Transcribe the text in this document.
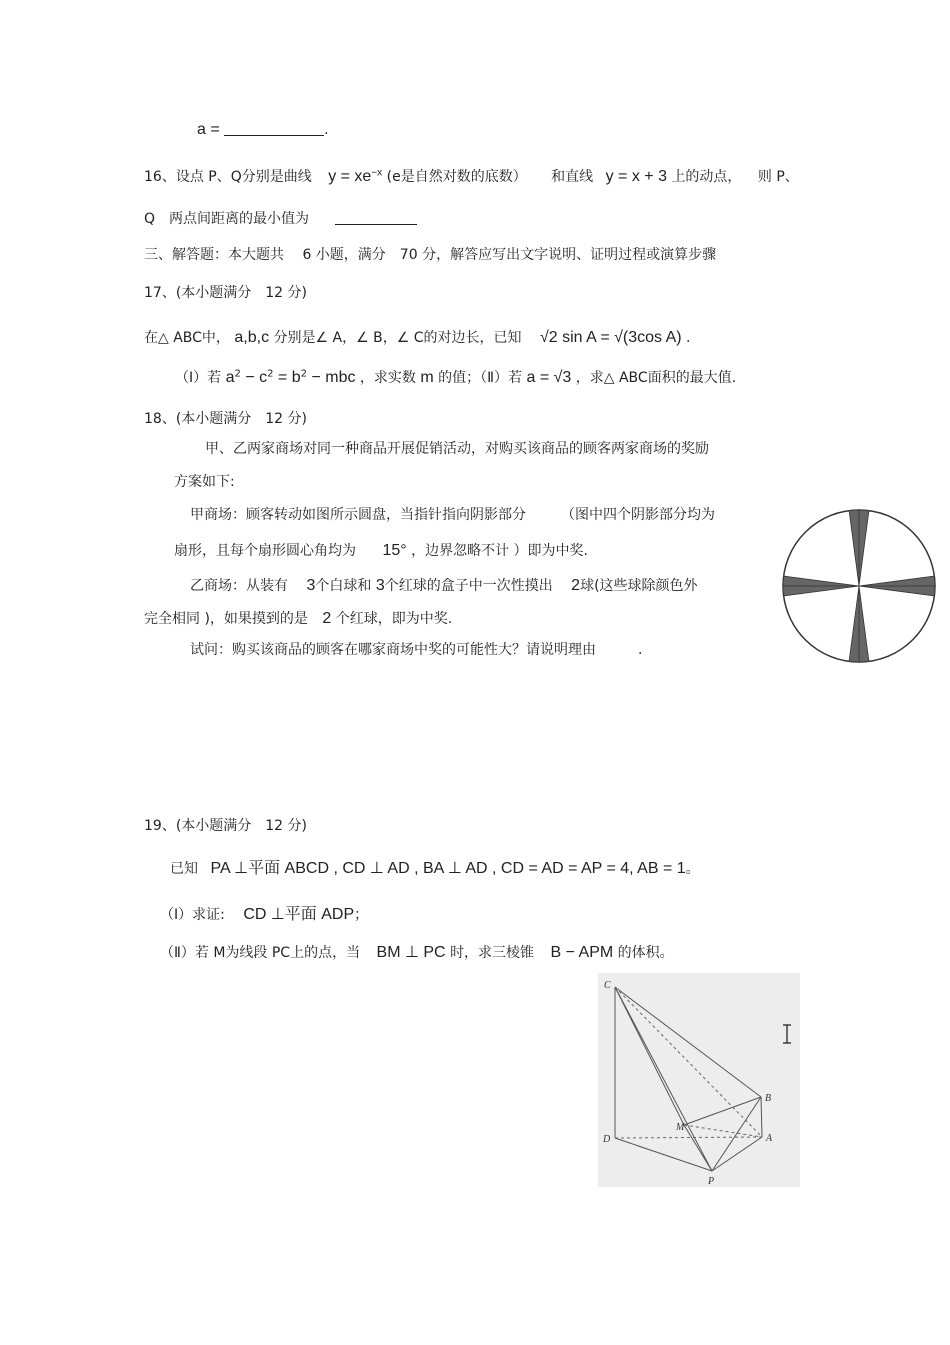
a =	.
16、设点 P、Q分别是曲线 $y = xe^{-x}$ (e是自然对数的底数） 和直线 y = x + 3 上的动点， 则 P、
Q　两点间距离的最小值为
三、解答题：本大题共　 6 小题，满分　70 分，解答应写出文字说明、证明过程或演算步骤
17、(本小题满分　12 分)
在△ ABC中， a,b,c 分别是∠ A，∠ B，∠ C的对边长，已知 √2 sin A = √(3cos A) .
（Ⅰ）若 $a^2 - c^2 = b^2$ − mbc ，求实数 m 的值；（Ⅱ）若 a = √3 ，求△ ABC面积的最大值.
18、(本小题满分　12 分)
甲、乙两家商场对同一种商品开展促销活动，对购买该商品的顾客两家商场的奖励
方案如下:
甲商场：顾客转动如图所示圆盘，当指针指向阴影部分　　　（图中四个阴影部分均为
扇形，且每个扇形圆心角均为 15° ，边界忽略不计 ）即为中奖.
乙商场：从装有 3个白球和 3个红球的盒子中一次性摸出 2球(这些球除颜色外
完全相同 )，如果摸到的是 2 个红球，即为中奖.
试问：购买该商品的顾客在哪家商场中奖的可能性大？请说明理由　　　.
19、(本小题满分　12 分)
已知 PA ⊥平面 ABCD , CD ⊥ AD , BA ⊥ AD , CD = AD = AP = 4, AB = 1。
（Ⅰ）求证: CD ⊥平面 ADP；
（Ⅱ）若 M为线段 PC上的点，当 BM ⊥ PC 时，求三棱锥 B − APM 的体积。
C
B
M
D	A
P
